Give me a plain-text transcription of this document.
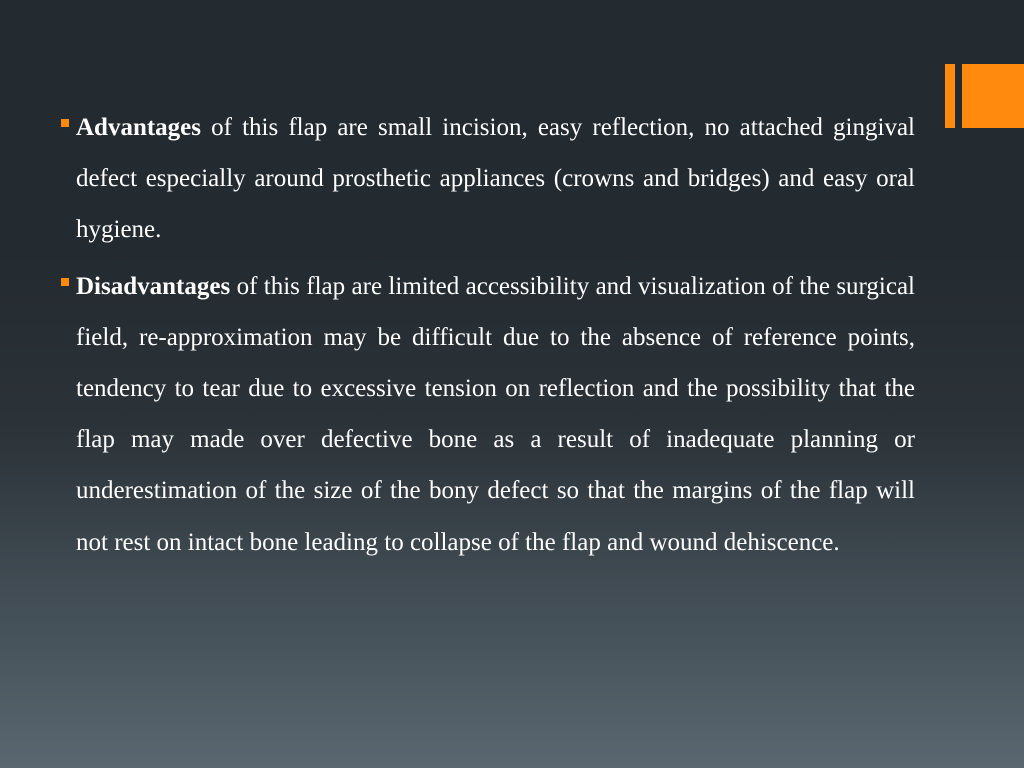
Advantages of this flap are small incision, easy reflection, no attached gingival defect especially around prosthetic appliances (crowns and bridges) and easy oral hygiene.
Disadvantages of this flap are limited accessibility and visualization of the surgical field, re-approximation may be difficult due to the absence of reference points, tendency to tear due to excessive tension on reflection and the possibility that the flap may made over defective bone as a result of inadequate planning or underestimation of the size of the bony defect so that the margins of the flap will not rest on intact bone leading to collapse of the flap and wound dehiscence.
